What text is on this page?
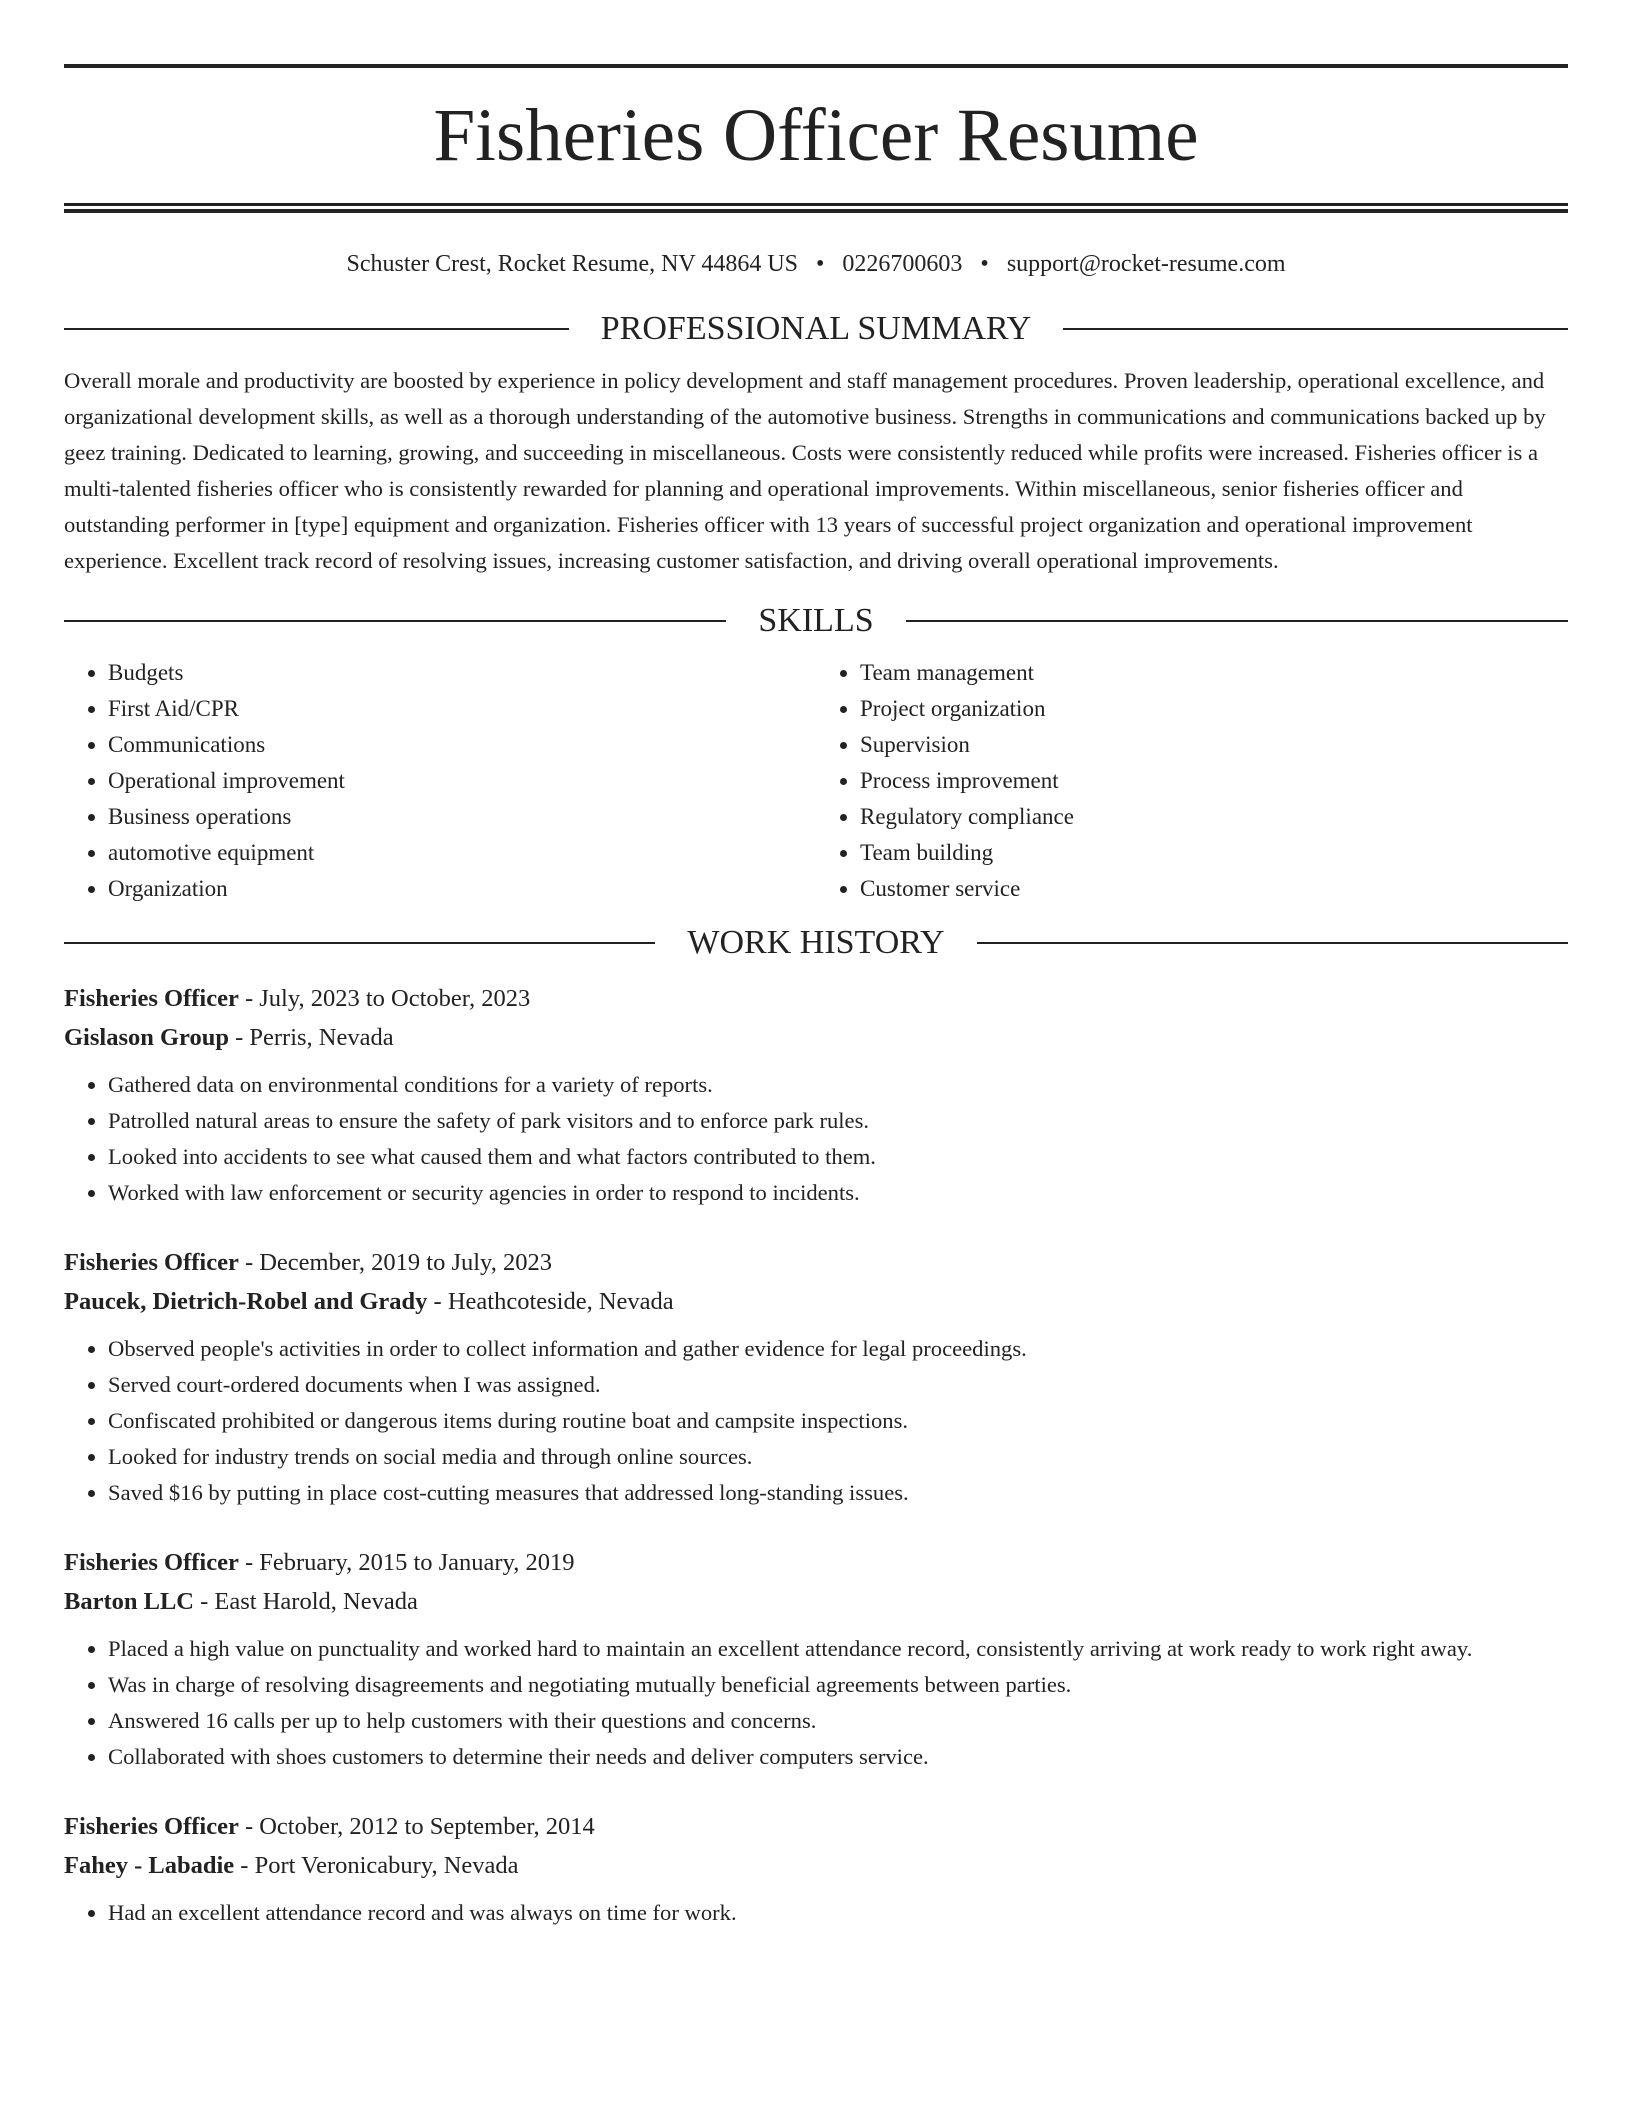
Fisheries Officer Resume
Schuster Crest, Rocket Resume, NV 44864 US • 0226700603 • support@rocket-resume.com
PROFESSIONAL SUMMARY

Overall morale and productivity are boosted by experience in policy development and staff management procedures. Proven leadership, operational excellence, and organizational development skills, as well as a thorough understanding of the automotive business. Strengths in communications and communications backed up by geez training. Dedicated to learning, growing, and succeeding in miscellaneous. Costs were consistently reduced while profits were increased. Fisheries officer is a multi-talented fisheries officer who is consistently rewarded for planning and operational improvements. Within miscellaneous, senior fisheries officer and outstanding performer in [type] equipment and organization. Fisheries officer with 13 years of successful project organization and operational improvement experience. Excellent track record of resolving issues, increasing customer satisfaction, and driving overall operational improvements.

SKILLS
• Budgets
• First Aid/CPR
• Communications
• Operational improvement
• Business operations
• automotive equipment
• Organization
• Team management
• Project organization
• Supervision
• Process improvement
• Regulatory compliance
• Team building
• Customer service
WORK HISTORY
Fisheries Officer - July, 2023 to October, 2023
Gislason Group - Perris, Nevada
• Gathered data on environmental conditions for a variety of reports.
• Patrolled natural areas to ensure the safety of park visitors and to enforce park rules.
• Looked into accidents to see what caused them and what factors contributed to them.
• Worked with law enforcement or security agencies in order to respond to incidents.
Fisheries Officer - December, 2019 to July, 2023
Paucek, Dietrich-Robel and Grady - Heathcoteside, Nevada
• Observed people's activities in order to collect information and gather evidence for legal proceedings.
• Served court-ordered documents when I was assigned.
• Confiscated prohibited or dangerous items during routine boat and campsite inspections.
• Looked for industry trends on social media and through online sources.
• Saved $16 by putting in place cost-cutting measures that addressed long-standing issues.
Fisheries Officer - February, 2015 to January, 2019
Barton LLC - East Harold, Nevada
• Placed a high value on punctuality and worked hard to maintain an excellent attendance record, consistently arriving at work ready to work right away.
• Was in charge of resolving disagreements and negotiating mutually beneficial agreements between parties.
• Answered 16 calls per up to help customers with their questions and concerns.
• Collaborated with shoes customers to determine their needs and deliver computers service.
Fisheries Officer - October, 2012 to September, 2014
Fahey - Labadie - Port Veronicabury, Nevada
• Had an excellent attendance record and was always on time for work.
